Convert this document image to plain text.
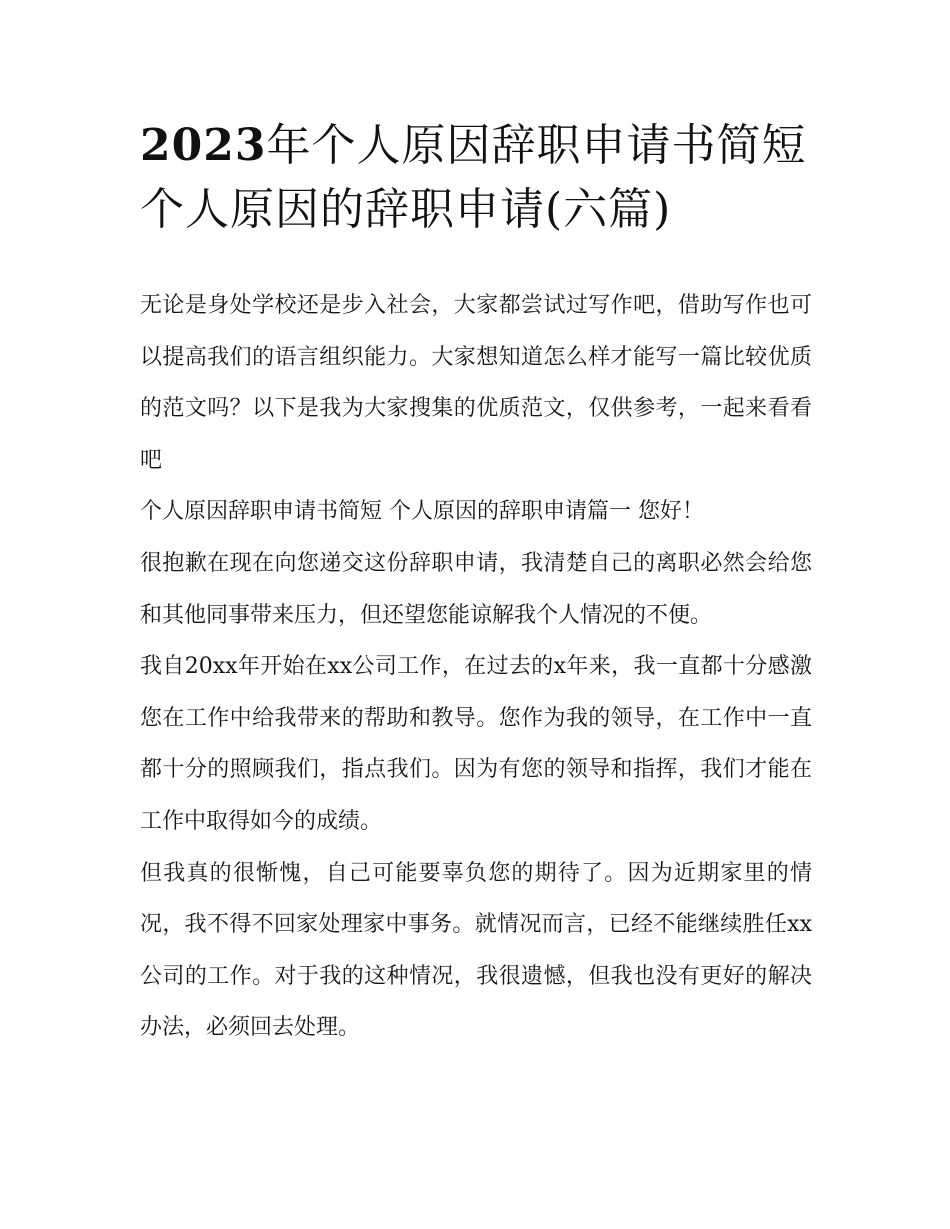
2023年个人原因辞职申请书简短 个人原因的辞职申请(六篇)

无论是身处学校还是步入社会，大家都尝试过写作吧，借助写作也可以提高我们的语言组织能力。大家想知道怎么样才能写一篇比较优质的范文吗？以下是我为大家搜集的优质范文，仅供参考，一起来看看吧

个人原因辞职申请书简短 个人原因的辞职申请篇一 您好！

很抱歉在现在向您递交这份辞职申请，我清楚自己的离职必然会给您和其他同事带来压力，但还望您能谅解我个人情况的不便。

我自20xx年开始在xx公司工作，在过去的x年来，我一直都十分感激您在工作中给我带来的帮助和教导。您作为我的领导，在工作中一直都十分的照顾我们，指点我们。因为有您的领导和指挥，我们才能在工作中取得如今的成绩。

但我真的很惭愧，自己可能要辜负您的期待了。因为近期家里的情况，我不得不回家处理家中事务。就情况而言，已经不能继续胜任xx公司的工作。对于我的这种情况，我很遗憾，但我也没有更好的解决办法，必须回去处理。
